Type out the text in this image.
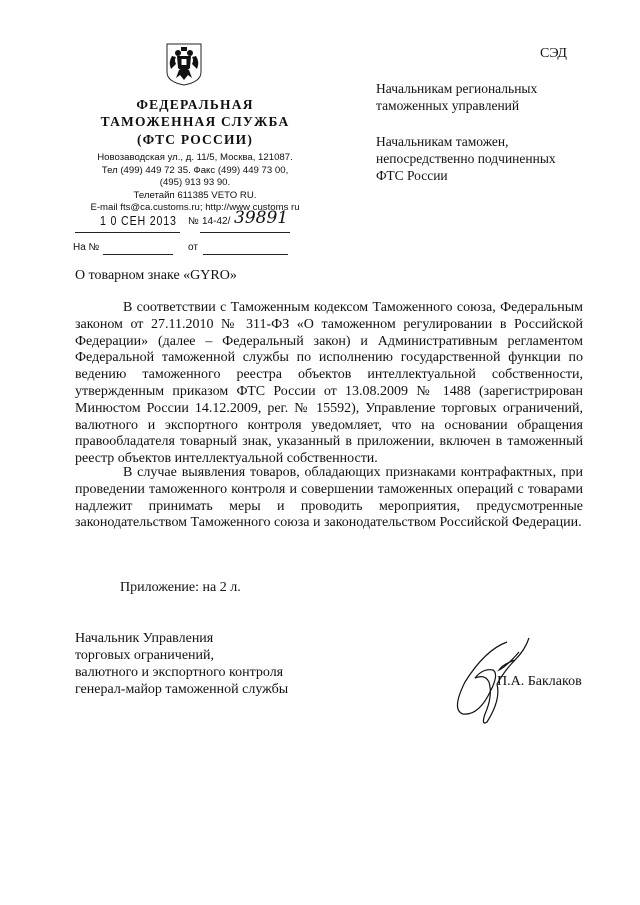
ФЕДЕРАЛЬНАЯ
ТАМОЖЕННАЯ СЛУЖБА
(ФТС РОССИИ)
Новозаводская ул., д. 11/5, Москва, 121087.
Тел (499) 449 72 35. Факс (499) 449 73 00,
(495) 913 93 90.
Телетайп 611385 VETO RU.
E-mail fts@ca.customs.ru; http://www customs ru
1 0 СЕН 2013 № 14-42/ 39891
На №	от
СЭД
Начальникам региональных
таможенных управлений
Начальникам таможен,
непосредственно подчиненных
ФТС России
О товарном знаке «GYRO»

В соответствии с Таможенным кодексом Таможенного союза, Федеральным законом от 27.11.2010 № 311-ФЗ «О таможенном регулировании в Российской Федерации» (далее – Федеральный закон) и Административным регламентом Федеральной таможенной службы по исполнению государственной функции по ведению таможенного реестра объектов интеллектуальной собственности, утвержденным приказом ФТС России от 13.08.2009 № 1488 (зарегистрирован Минюстом России 14.12.2009, рег. № 15592), Управление торговых ограничений, валютного и экспортного контроля уведомляет, что на основании обращения правообладателя товарный знак, указанный в приложении, включен в таможенный реестр объектов интеллектуальной собственности.

В случае выявления товаров, обладающих признаками контрафактных, при проведении таможенного контроля и совершении таможенных операций с товарами надлежит принимать меры и проводить мероприятия, предусмотренные законодательством Таможенного союза и законодательством Российской Федерации.

Приложение: на 2 л.
Начальник Управления
торговых ограничений,
валютного и экспортного контроля
генерал-майор таможенной службы
П.А. Баклаков
